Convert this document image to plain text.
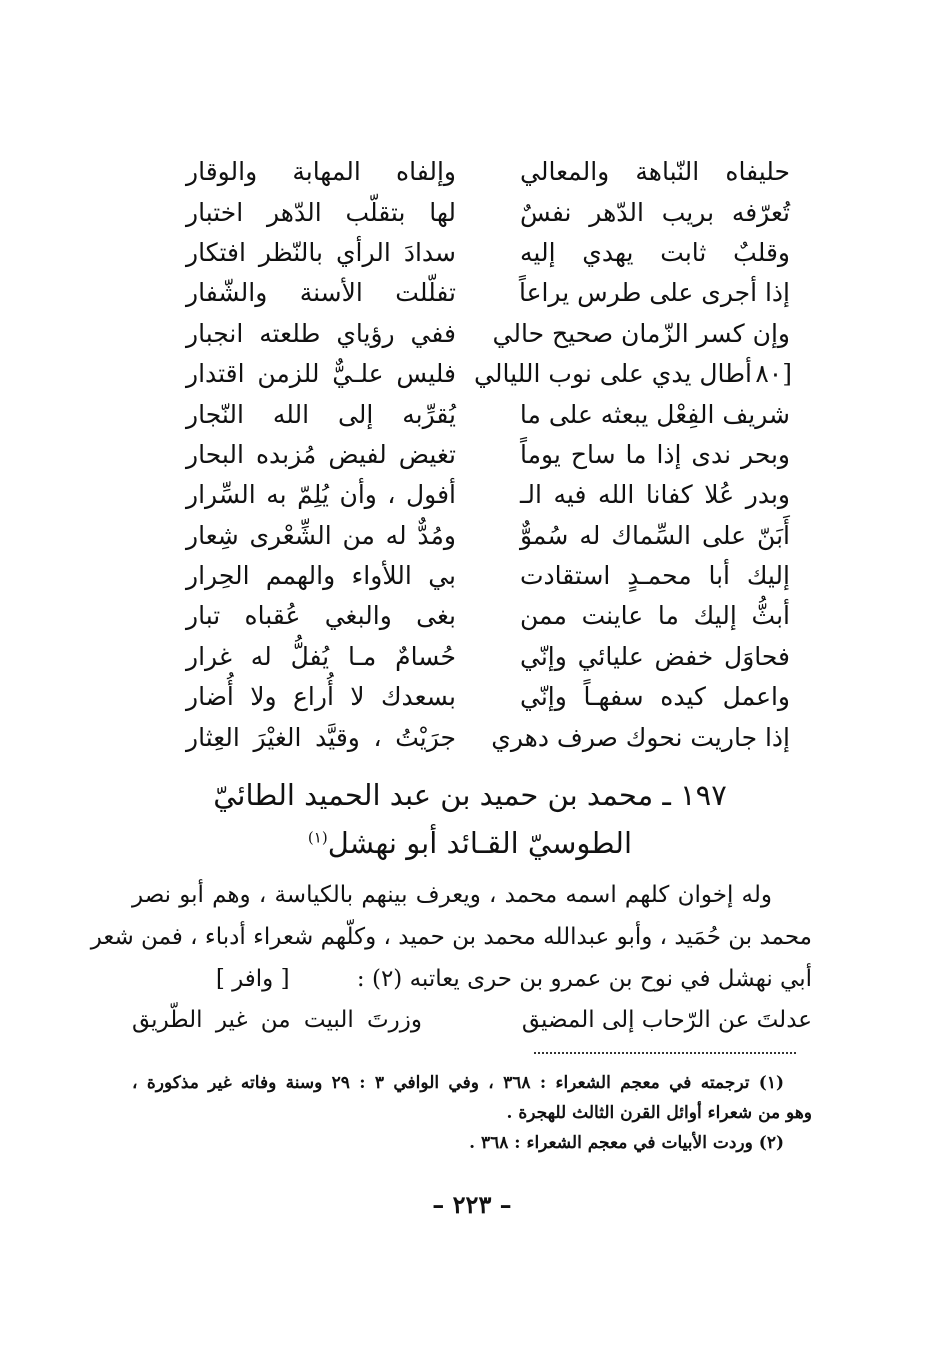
حليفاه النّباهة والمعالي
وإلفاه المهابة والوقار
تُعرّفه بريب الدّهر نفسٌ
لها بتقلّب الدّهر اختبار
وقلبٌ ثابت يهدي إليه
سدادَ الرأي بالنّظر افتكار
إذا أجرى على طرس يراعاً
تفلّلت الأسنة والشّفار
وإن كسر الزّمان صحيح حالي
ففي رؤياي طلعته انجبار
[٨٠
أطال يدي على نوب الليالي
فليس علـيٌّ للزمن اقتدار
شريف الفِعْل يبعثه على ما
يُقرِّبه إلى الله النّجار
وبحر ندى إذا ما ساح يوماً
تغيض لفيض مُزبده البحار
وبدر عُلا كفانا الله فيه الـ
أفول ، وأن يُلِمّ به السِّرار
أَبَنّ على السِّماك له سُموٌّ
ومُدٌّ له من الشِّعْرى شِعار
إليك أبا محمـدٍ استقادت
بي اللأواء والهمم الحِرار
أبثُّ إليك ما عاينت ممن
بغى والبغي عُقباه تبار
فحاوَل خفض عليائي وإنّي
حُسامٌ مـا يُفلُّ له غرار
واعمل كيده سفهـاً وإنّي
بسعدك لا أُراع ولا أُضار
إذا جاريت نحوك صرف دهري
جرَيْتُ ، وقيَّد الغيْرَ العِثار
١٩٧ ـ محمد بن حميد بن عبد الحميد الطائيّ
الطوسيّ القـائد أبو نهشل$^{(١)}$
وله إخوان كلهم اسمه محمد ، ويعرف بينهم بالكياسة ، وهم أبو نصر
محمد بن حُمَيد ، وأبو عبدالله محمد بن حميد ، وكلّهم شعراء أدباء ، فمن شعر
أبي نهشل في نوح بن عمرو بن حرى يعاتبه (٢) : [ وافر ]
عدلتَ عن الرّحاب إلى المضيق
وزرتَ البيت من غير الطّريق
(١) ترجمته في معجم الشعراء : ٣٦٨ ، وفي الوافي ٣ : ٢٩ وسنة وفاته غير مذكورة ،
وهو من شعراء أوائل القرن الثالث للهجرة .
(٢) وردت الأبيات في معجم الشعراء : ٣٦٨ .
– ٢٢٣ –
